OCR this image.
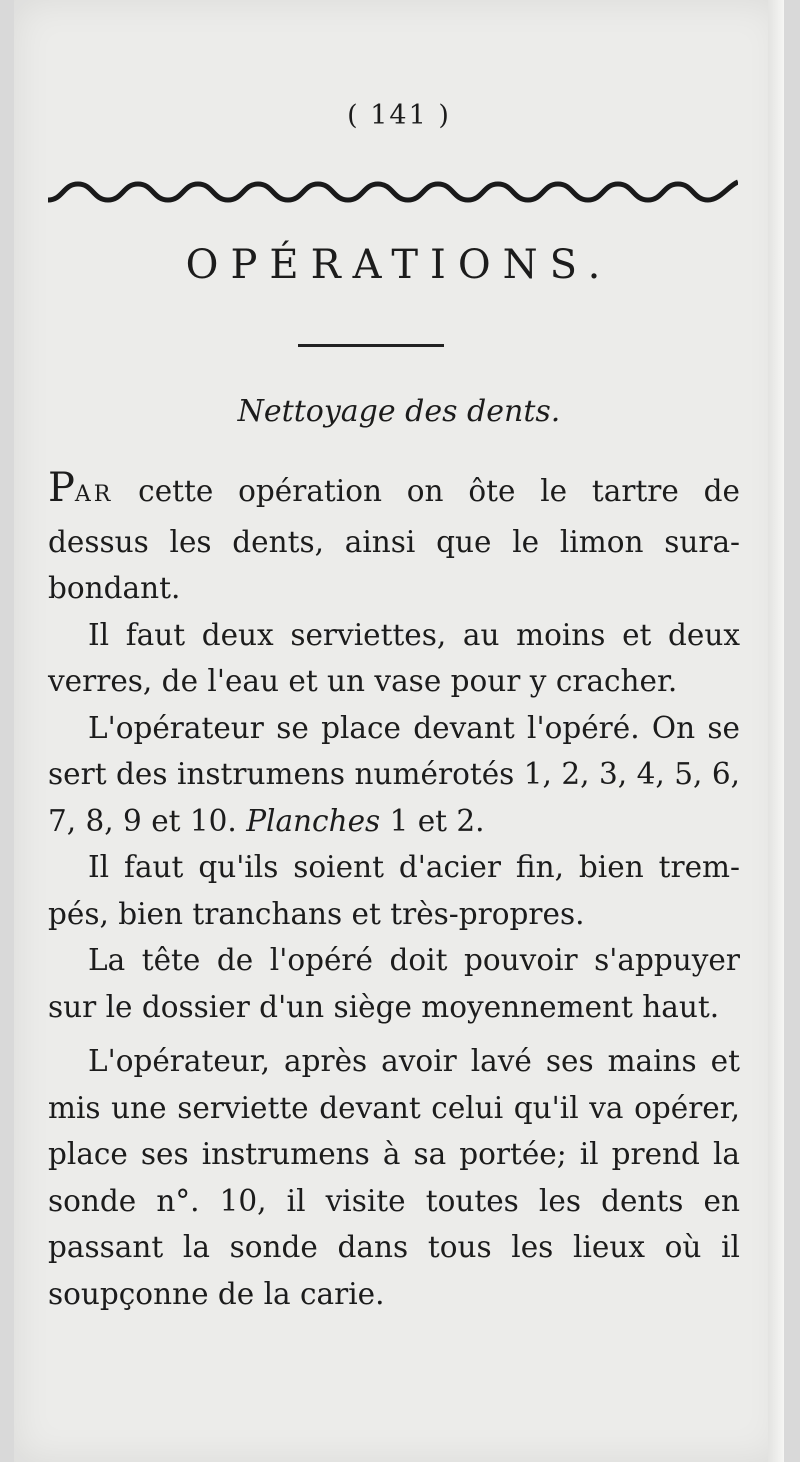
( 141 )
OPÉRATIONS.
Nettoyage des dents.

PAR cette opération on ôte le tartre de dessus les dents, ainsi que le limon sura-bondant.

Il faut deux serviettes, au moins et deux verres, de l'eau et un vase pour y cracher.

L'opérateur se place devant l'opéré. On se sert des instrumens numérotés 1, 2, 3, 4, 5, 6, 7, 8, 9 et 10. Planches 1 et 2.

Il faut qu'ils soient d'acier fin, bien trem-pés, bien tranchans et très-propres.

La tête de l'opéré doit pouvoir s'appuyer sur le dossier d'un siège moyennement haut.

L'opérateur, après avoir lavé ses mains et mis une serviette devant celui qu'il va opérer, place ses instrumens à sa portée; il prend la sonde n°. 10, il visite toutes les dents en passant la sonde dans tous les lieux où il soupçonne de la carie.
